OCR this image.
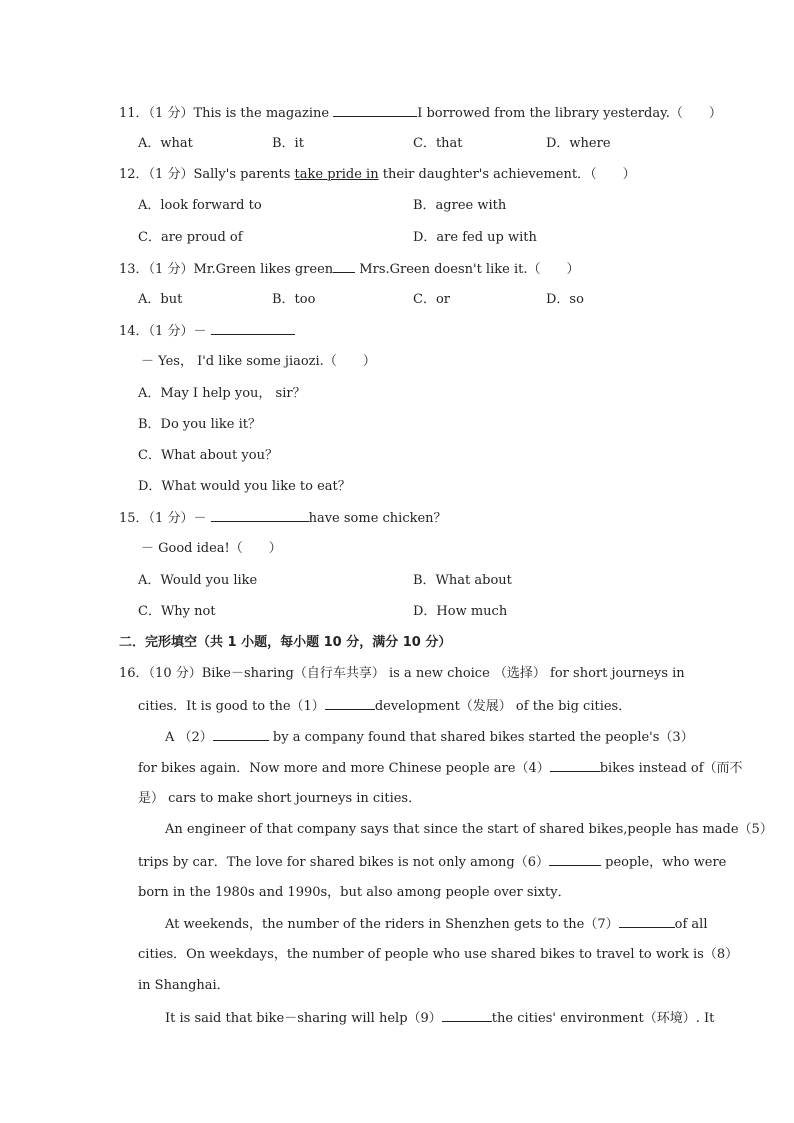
11．（1 分）This is the magazine	I borrowed from the library yesterday.（　　）
A．what	B．it	C．that	D．where
12．（1 分）Sally's parents take pride in their daughter's achievement．（　　）
A．look forward to	B．agree with
C．are proud of	D．are fed up with
13．（1 分）Mr.Green likes green Mrs.Green doesn't like it.（　　）
A．but	B．too	C．or	D．so
14．（1 分）－
－ Yes， I'd like some jiaozi.（　　）
A．May I help you， sir？
B．Do you like it？
C．What about you？
D．What would you like to eat？
15．（1 分）－	have some chicken？
－ Good idea!（　　）
A．Would you like	B．What about
C．Why not	D．How much
二．完形填空（共 1 小题，每小题 10 分，满分 10 分）
16．（10 分）Bike－sharing（自行车共享） is a new choice （选择） for short journeys in
cities．It is good to the（1）	development（发展） of the big cities．
A （2）	by a company found that shared bikes started the people's（3）
for bikes again．Now more and more Chinese people are（4）	bikes instead of（而不
是） cars to make short journeys in cities．
An engineer of that company says that since the start of shared bikes,people has made（5）
trips by car．The love for shared bikes is not only among（6）	people，who were
born in the 1980s and 1990s，but also among people over sixty．
At weekends，the number of the riders in Shenzhen gets to the（7）	of all
cities．On weekdays，the number of people who use shared bikes to travel to work is（8）
in Shanghai．
It is said that bike－sharing will help（9）	the cities' environment（环境）. It
